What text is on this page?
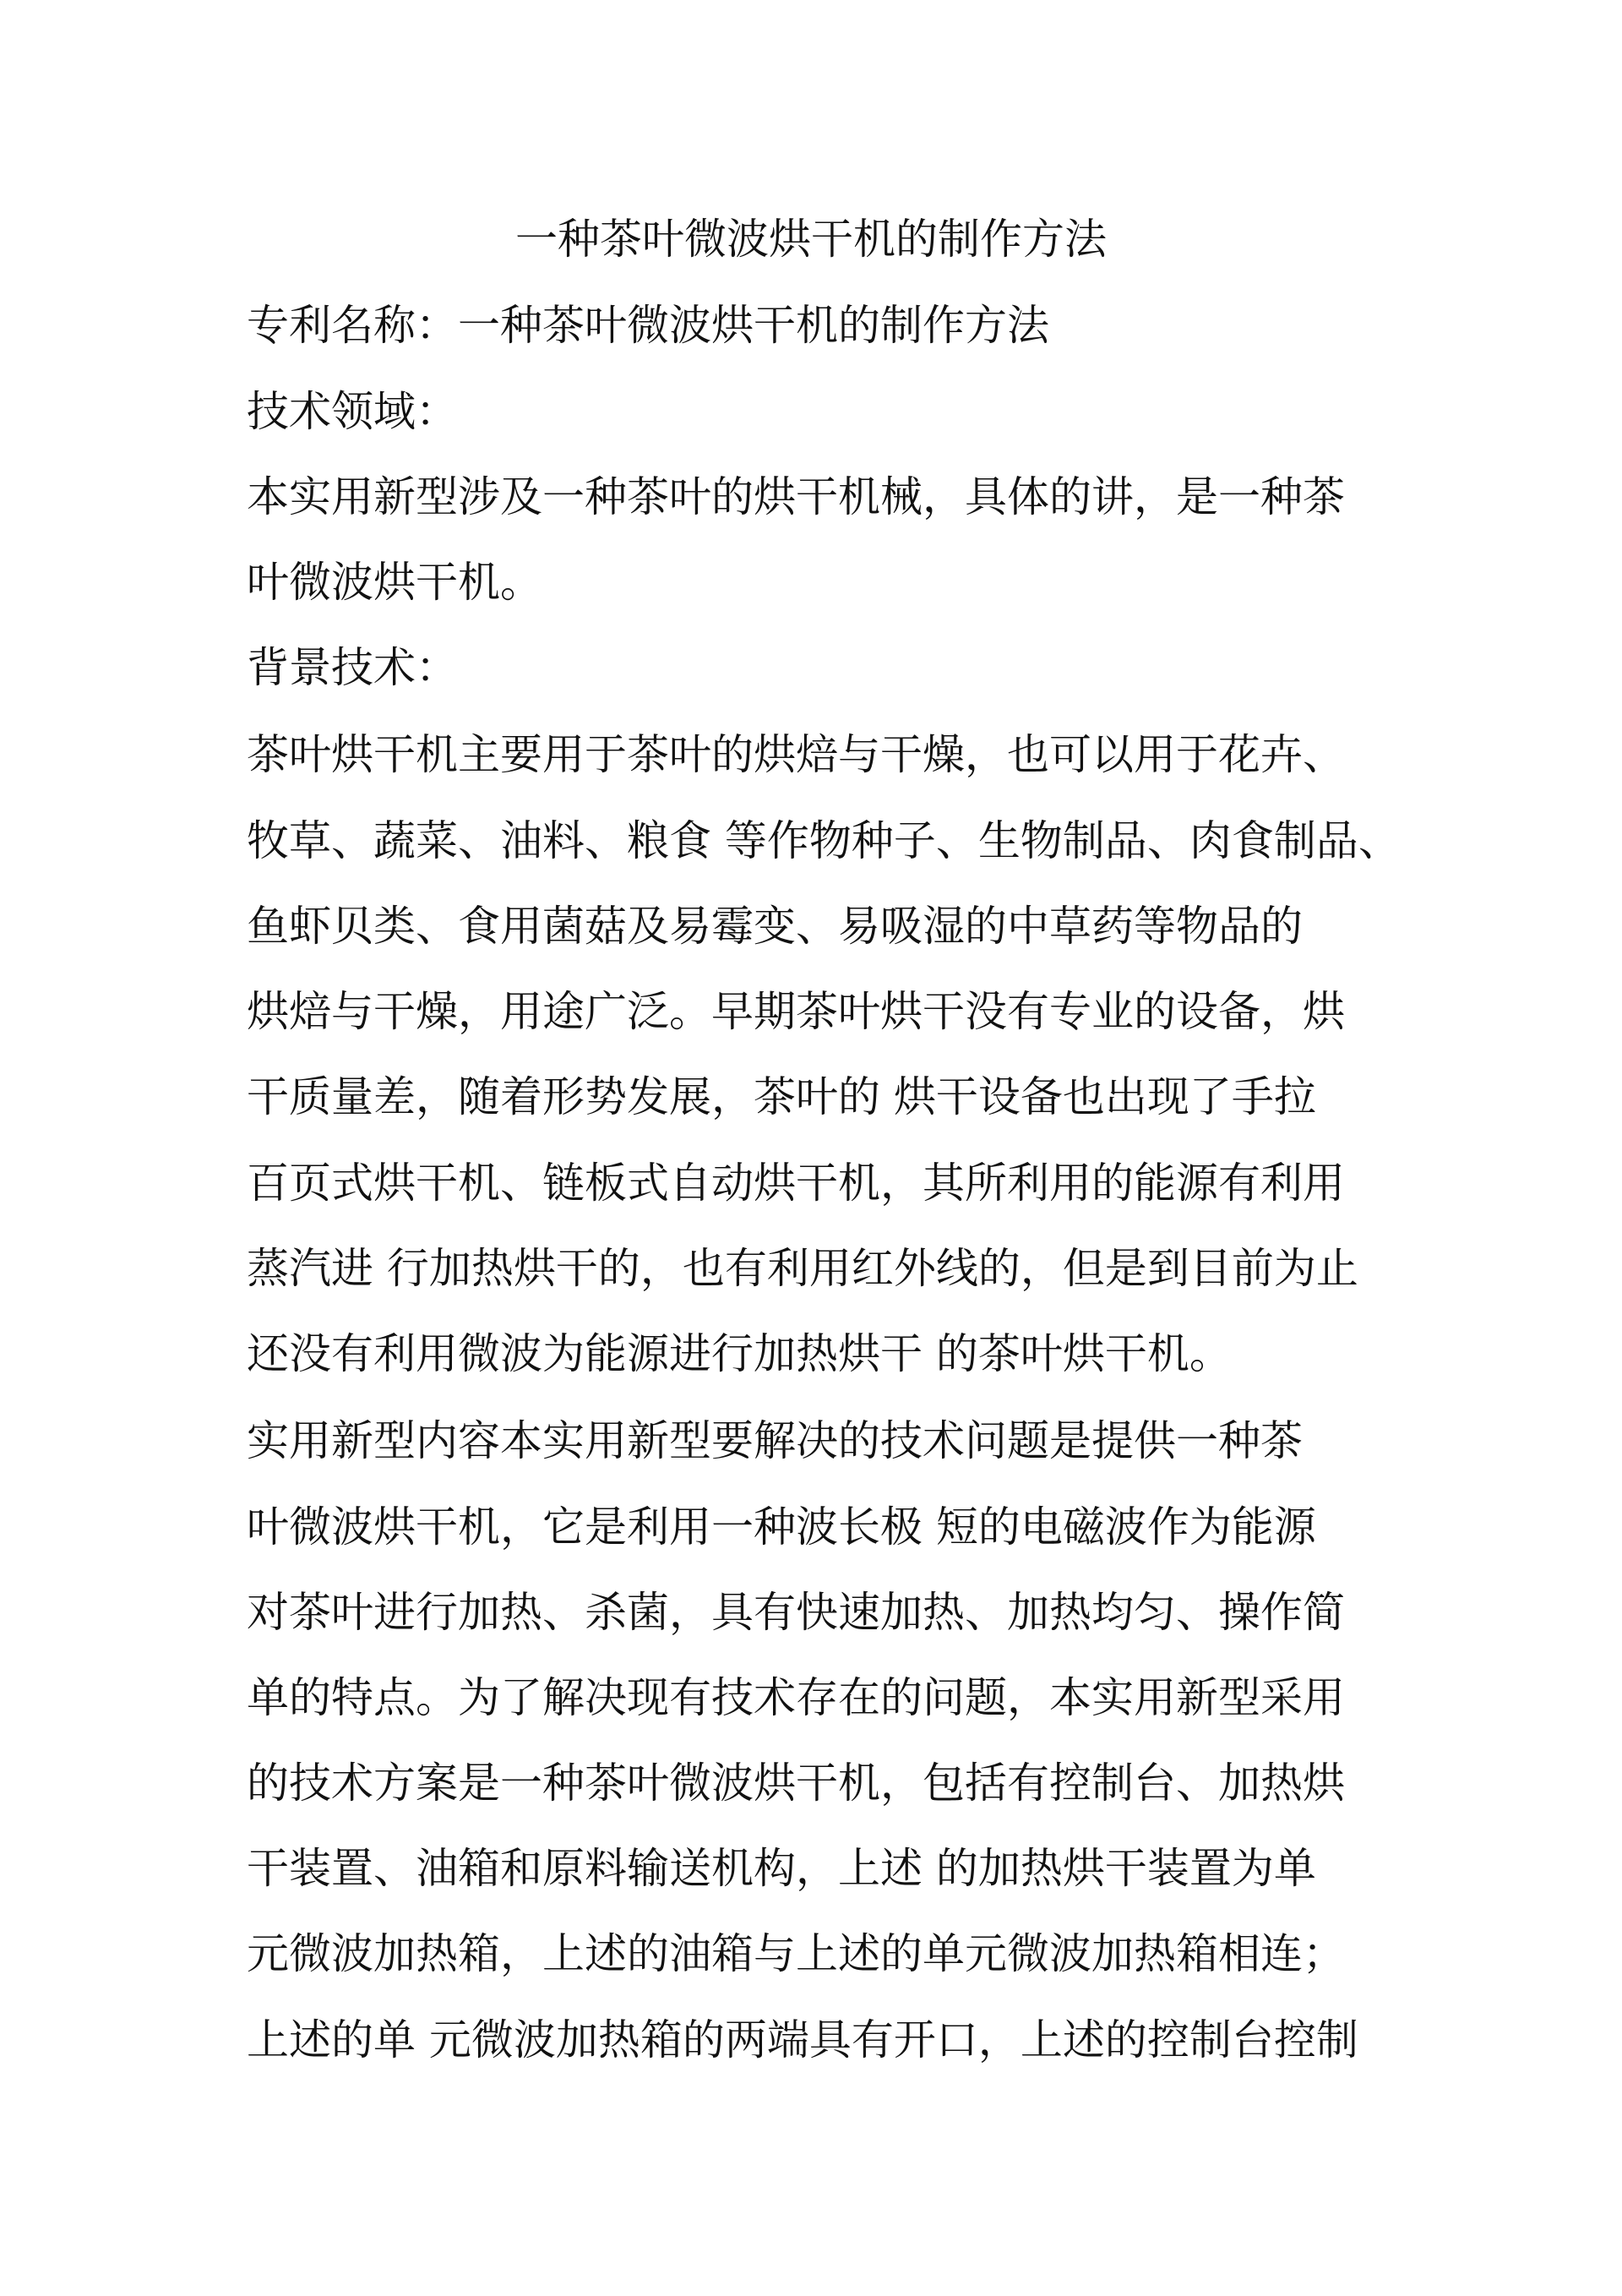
一种茶叶微波烘干机的制作方法

专利名称：一种茶叶微波烘干机的制作方法

技术领域：

本实用新型涉及一种茶叶的烘干机械，具体的讲，是一种茶

叶微波烘干机。

背景技术：

茶叶烘干机主要用于茶叶的烘焙与干燥，也可以用于花卉、

牧草、蔬菜、油料、粮食 等作物种子、生物制品、肉食制品、

鱼虾贝类、食用菌菇及易霉变、易吸湿的中草药等物品的

烘焙与干燥，用途广泛。早期茶叶烘干没有专业的设备，烘

干质量差，随着形势发展，茶叶的 烘干设备也出现了手拉

百页式烘干机、链板式自动烘干机，其所利用的能源有利用

蒸汽进 行加热烘干的，也有利用红外线的，但是到目前为止

还没有利用微波为能源进行加热烘干 的茶叶烘干机。

实用新型内容本实用新型要解决的技术问题是提供一种茶

叶微波烘干机，它是利用一种波长极 短的电磁波作为能源

对茶叶进行加热、杀菌，具有快速加热、加热均匀、操作简

单的特点。为了解决现有技术存在的问题，本实用新型采用

的技术方案是一种茶叶微波烘干机，包括有控制台、加热烘

干装置、油箱和原料输送机构，上述 的加热烘干装置为单

元微波加热箱，上述的油箱与上述的单元微波加热箱相连；

上述的单 元微波加热箱的两端具有开口，上述的控制台控制
